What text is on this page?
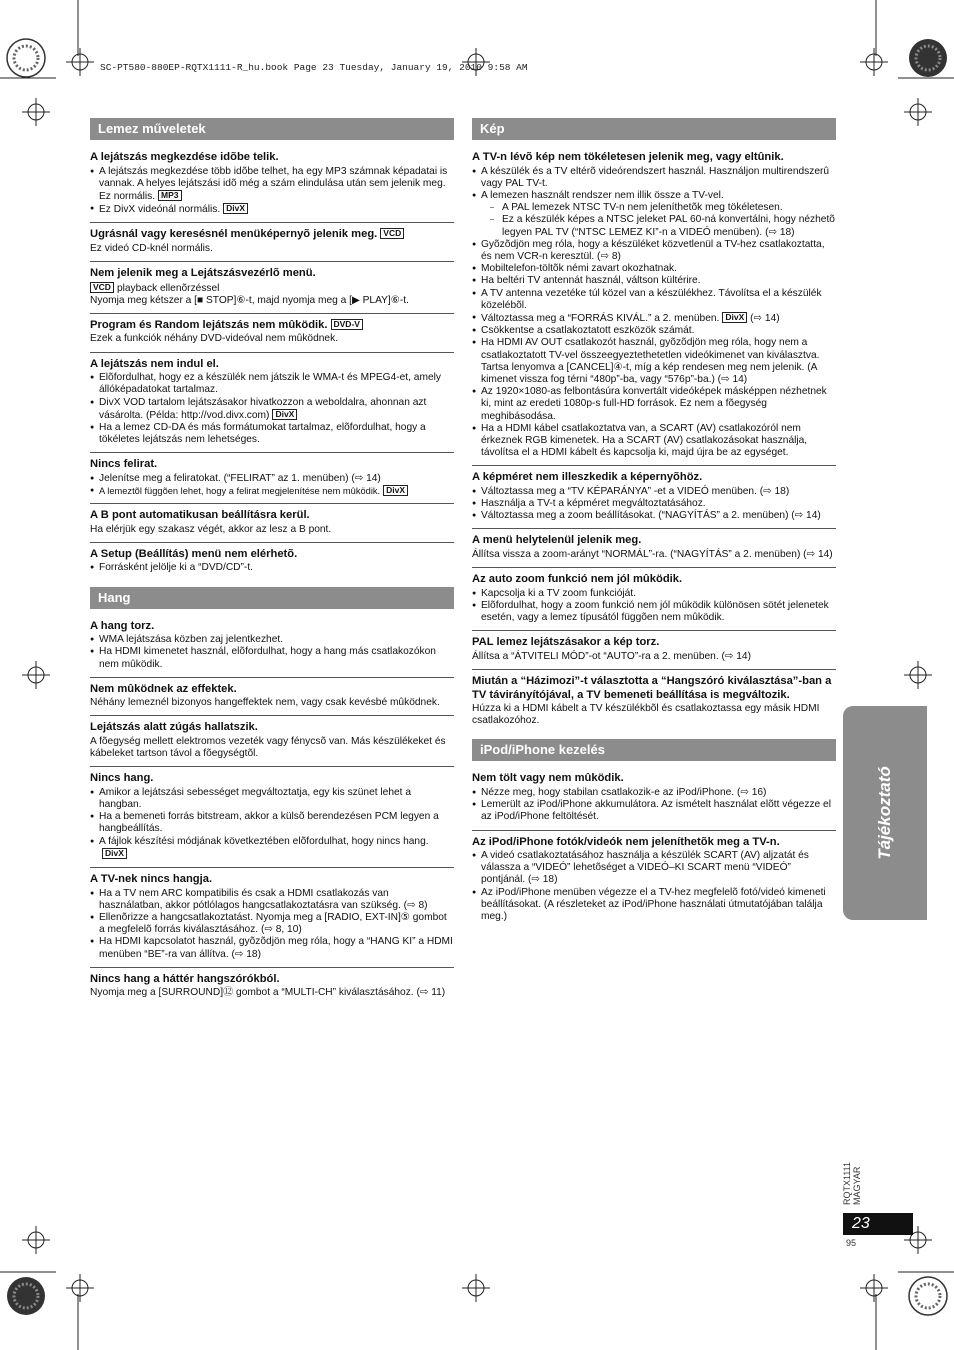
SC-PT580-880EP-RQTX1111-R_hu.book Page 23 Tuesday, January 19, 2010 9:58 AM
Lemez műveletek
A lejátszás megkezdése idõbe telik.
● A lejátszás megkezdése több idõbe telhet, ha egy MP3 számnak képadatai is vannak. A helyes lejátszási idõ még a szám elindulása után sem jelenik meg. Ez normális. MP3
● Ez DivX videónál normális. DivX
Ugrásnál vagy keresésnél menüképernyõ jelenik meg. VCD

Ez videó CD-knél normális.

Nem jelenik meg a Lejátszásvezérlõ menü.

VCD playback ellenõrzéssel

Nyomja meg kétszer a [■ STOP]⑥-t, majd nyomja meg a [▶ PLAY]⑥-t.

Program és Random lejátszás nem mûködik. DVD-V

Ezek a funkciók néhány DVD-videóval nem mûködnek.

A lejátszás nem indul el.
● Elõfordulhat, hogy ez a készülék nem játszik le WMA-t és MPEG4-et, amely állóképadatokat tartalmaz.
● DivX VOD tartalom lejátszásakor hivatkozzon a weboldalra, ahonnan azt vásárolta. (Példa: http://vod.divx.com) DivX
● Ha a lemez CD-DA és más formátumokat tartalmaz, elõfordulhat, hogy a tökéletes lejátszás nem lehetséges.
Nincs felirat.
● Jelenítse meg a feliratokat. (“FELIRAT” az 1. menüben) (⇨ 14)
● A lemeztõl függõen lehet, hogy a felirat megjelenítése nem mûködik. DivX
A B pont automatikusan beállításra kerül.

Ha elérjük egy szakasz végét, akkor az lesz a B pont.

A Setup (Beállítás) menü nem elérhetõ.
● Forrásként jelölje ki a “DVD/CD”-t.
Hang
A hang torz.
● WMA lejátszása közben zaj jelentkezhet.
● Ha HDMI kimenetet használ, elõfordulhat, hogy a hang más csatlakozókon nem mûködik.
Nem mûködnek az effektek.

Néhány lemeznél bizonyos hangeffektek nem, vagy csak kevésbé mûködnek.

Lejátszás alatt zúgás hallatszik.

A fõegység mellett elektromos vezeték vagy fénycsõ van. Más készülékeket és kábeleket tartson távol a fõegységtõl.

Nincs hang.
● Amikor a lejátszási sebességet megváltoztatja, egy kis szünet lehet a hangban.
● Ha a bemeneti forrás bitstream, akkor a külsõ berendezésen PCM legyen a hangbeállítás.
● A fájlok készítési módjának következtében elõfordulhat, hogy nincs hang.DivX
A TV-nek nincs hangja.
● Ha a TV nem ARC kompatibilis és csak a HDMI csatlakozás van használatban, akkor pótlólagos hangcsatlakoztatásra van szükség. (⇨ 8)
● Ellenõrizze a hangcsatlakoztatást. Nyomja meg a [RADIO, EXT-IN]⑤ gombot a megfelelõ forrás kiválasztásához. (⇨ 8, 10)
● Ha HDMI kapcsolatot használ, gyõzõdjön meg róla, hogy a “HANG KI” a HDMI menüben “BE”-ra van állítva. (⇨ 18)
Nincs hang a háttér hangszórókból.

Nyomja meg a [SURROUND]⑫ gombot a “MULTI-CH” kiválasztásához. (⇨ 11)

Kép
A TV-n lévõ kép nem tökéletesen jelenik meg, vagy eltûnik.
● A készülék és a TV eltérõ videórendszert használ. Használjon multirendszerû vagy PAL TV-t.
● A lemezen használt rendszer nem illik össze a TV-vel.
– A PAL lemezek NTSC TV-n nem jeleníthetõk meg tökéletesen.
– Ez a készülék képes a NTSC jeleket PAL 60-ná konvertálni, hogy nézhetõ legyen PAL TV (“NTSC LEMEZ KI”-n a VIDEÓ menüben). (⇨ 18)
● Gyõzõdjön meg róla, hogy a készüléket közvetlenül a TV-hez csatlakoztatta, és nem VCR-n keresztül. (⇨ 8)
● Mobiltelefon-töltõk némi zavart okozhatnak.
● Ha beltéri TV antennát használ, váltson kültérire.
● A TV antenna vezetéke túl közel van a készülékhez. Távolítsa el a készülék közelébõl.
● Változtassa meg a “FORRÁS KIVÁL.” a 2. menüben. DivX (⇨ 14)
● Csökkentse a csatlakoztatott eszközök számát.
● Ha HDMI AV OUT csatlakozót használ, gyõzõdjön meg róla, hogy nem a csatlakoztatott TV-vel összeegyeztethetetlen videókimenet van kiválasztva. Tartsa lenyomva a [CANCEL]④-t, míg a kép rendesen meg nem jelenik. (A kimenet vissza fog térni “480p”-ba, vagy “576p”-ba.) (⇨ 14)
● Az 1920×1080-as felbontásúra konvertált videóképek másképpen nézhetnek ki, mint az eredeti 1080p-s full-HD források. Ez nem a fõegység meghibásodása.
● Ha a HDMI kábel csatlakoztatva van, a SCART (AV) csatlakozóról nem érkeznek RGB kimenetek. Ha a SCART (AV) csatlakozásokat használja, távolítsa el a HDMI kábelt és kapcsolja ki, majd újra be az egységet.
A képméret nem illeszkedik a képernyõhöz.
● Változtassa meg a “TV KÉPARÁNYA” -et a VIDEÓ menüben. (⇨ 18)
● Használja a TV-t a képméret megváltoztatásához.
● Változtassa meg a zoom beállításokat. (“NAGYÍTÁS” a 2. menüben) (⇨ 14)
A menü helytelenül jelenik meg.

Állítsa vissza a zoom-arányt “NORMÁL”-ra. (“NAGYÍTÁS” a 2. menüben) (⇨ 14)

Az auto zoom funkció nem jól mûködik.
● Kapcsolja ki a TV zoom funkcióját.
● Elõfordulhat, hogy a zoom funkció nem jól mûködik különösen sötét jelenetek esetén, vagy a lemez típusától függõen nem mûködik.
PAL lemez lejátszásakor a kép torz.

Állítsa a “ÁTVITELI MÓD”-ot “AUTO”-ra a 2. menüben. (⇨ 14)

Miután a “Házimozi”-t választotta a “Hangszóró kiválasztása”-ban a TV távirányítójával, a TV bemeneti beállítása is megváltozik.

Húzza ki a HDMI kábelt a TV készülékbõl és csatlakoztassa egy másik HDMI csatlakozóhoz.

iPod/iPhone kezelés
Nem tölt vagy nem mûködik.
● Nézze meg, hogy stabilan csatlakozik-e az iPod/iPhone. (⇨ 16)
● Lemerült az iPod/iPhone akkumulátora. Az ismételt használat elõtt végezze el az iPod/iPhone feltöltését.
Az iPod/iPhone fotók/videók nem jeleníthetõk meg a TV-n.
● A videó csatlakoztatásához használja a készülék SCART (AV) aljzatát és válassza a “VIDEÓ” lehetõséget a VIDEÓ–KI SCART menü “VIDEÓ” pontjánál. (⇨ 18)
● Az iPod/iPhone menüben végezze el a TV-hez megfelelõ fotó/videó kimeneti beállításokat. (A részleteket az iPod/iPhone használati útmutatójában találja meg.)
Tájékoztató
RQTX1111 MAGYAR
23
95
